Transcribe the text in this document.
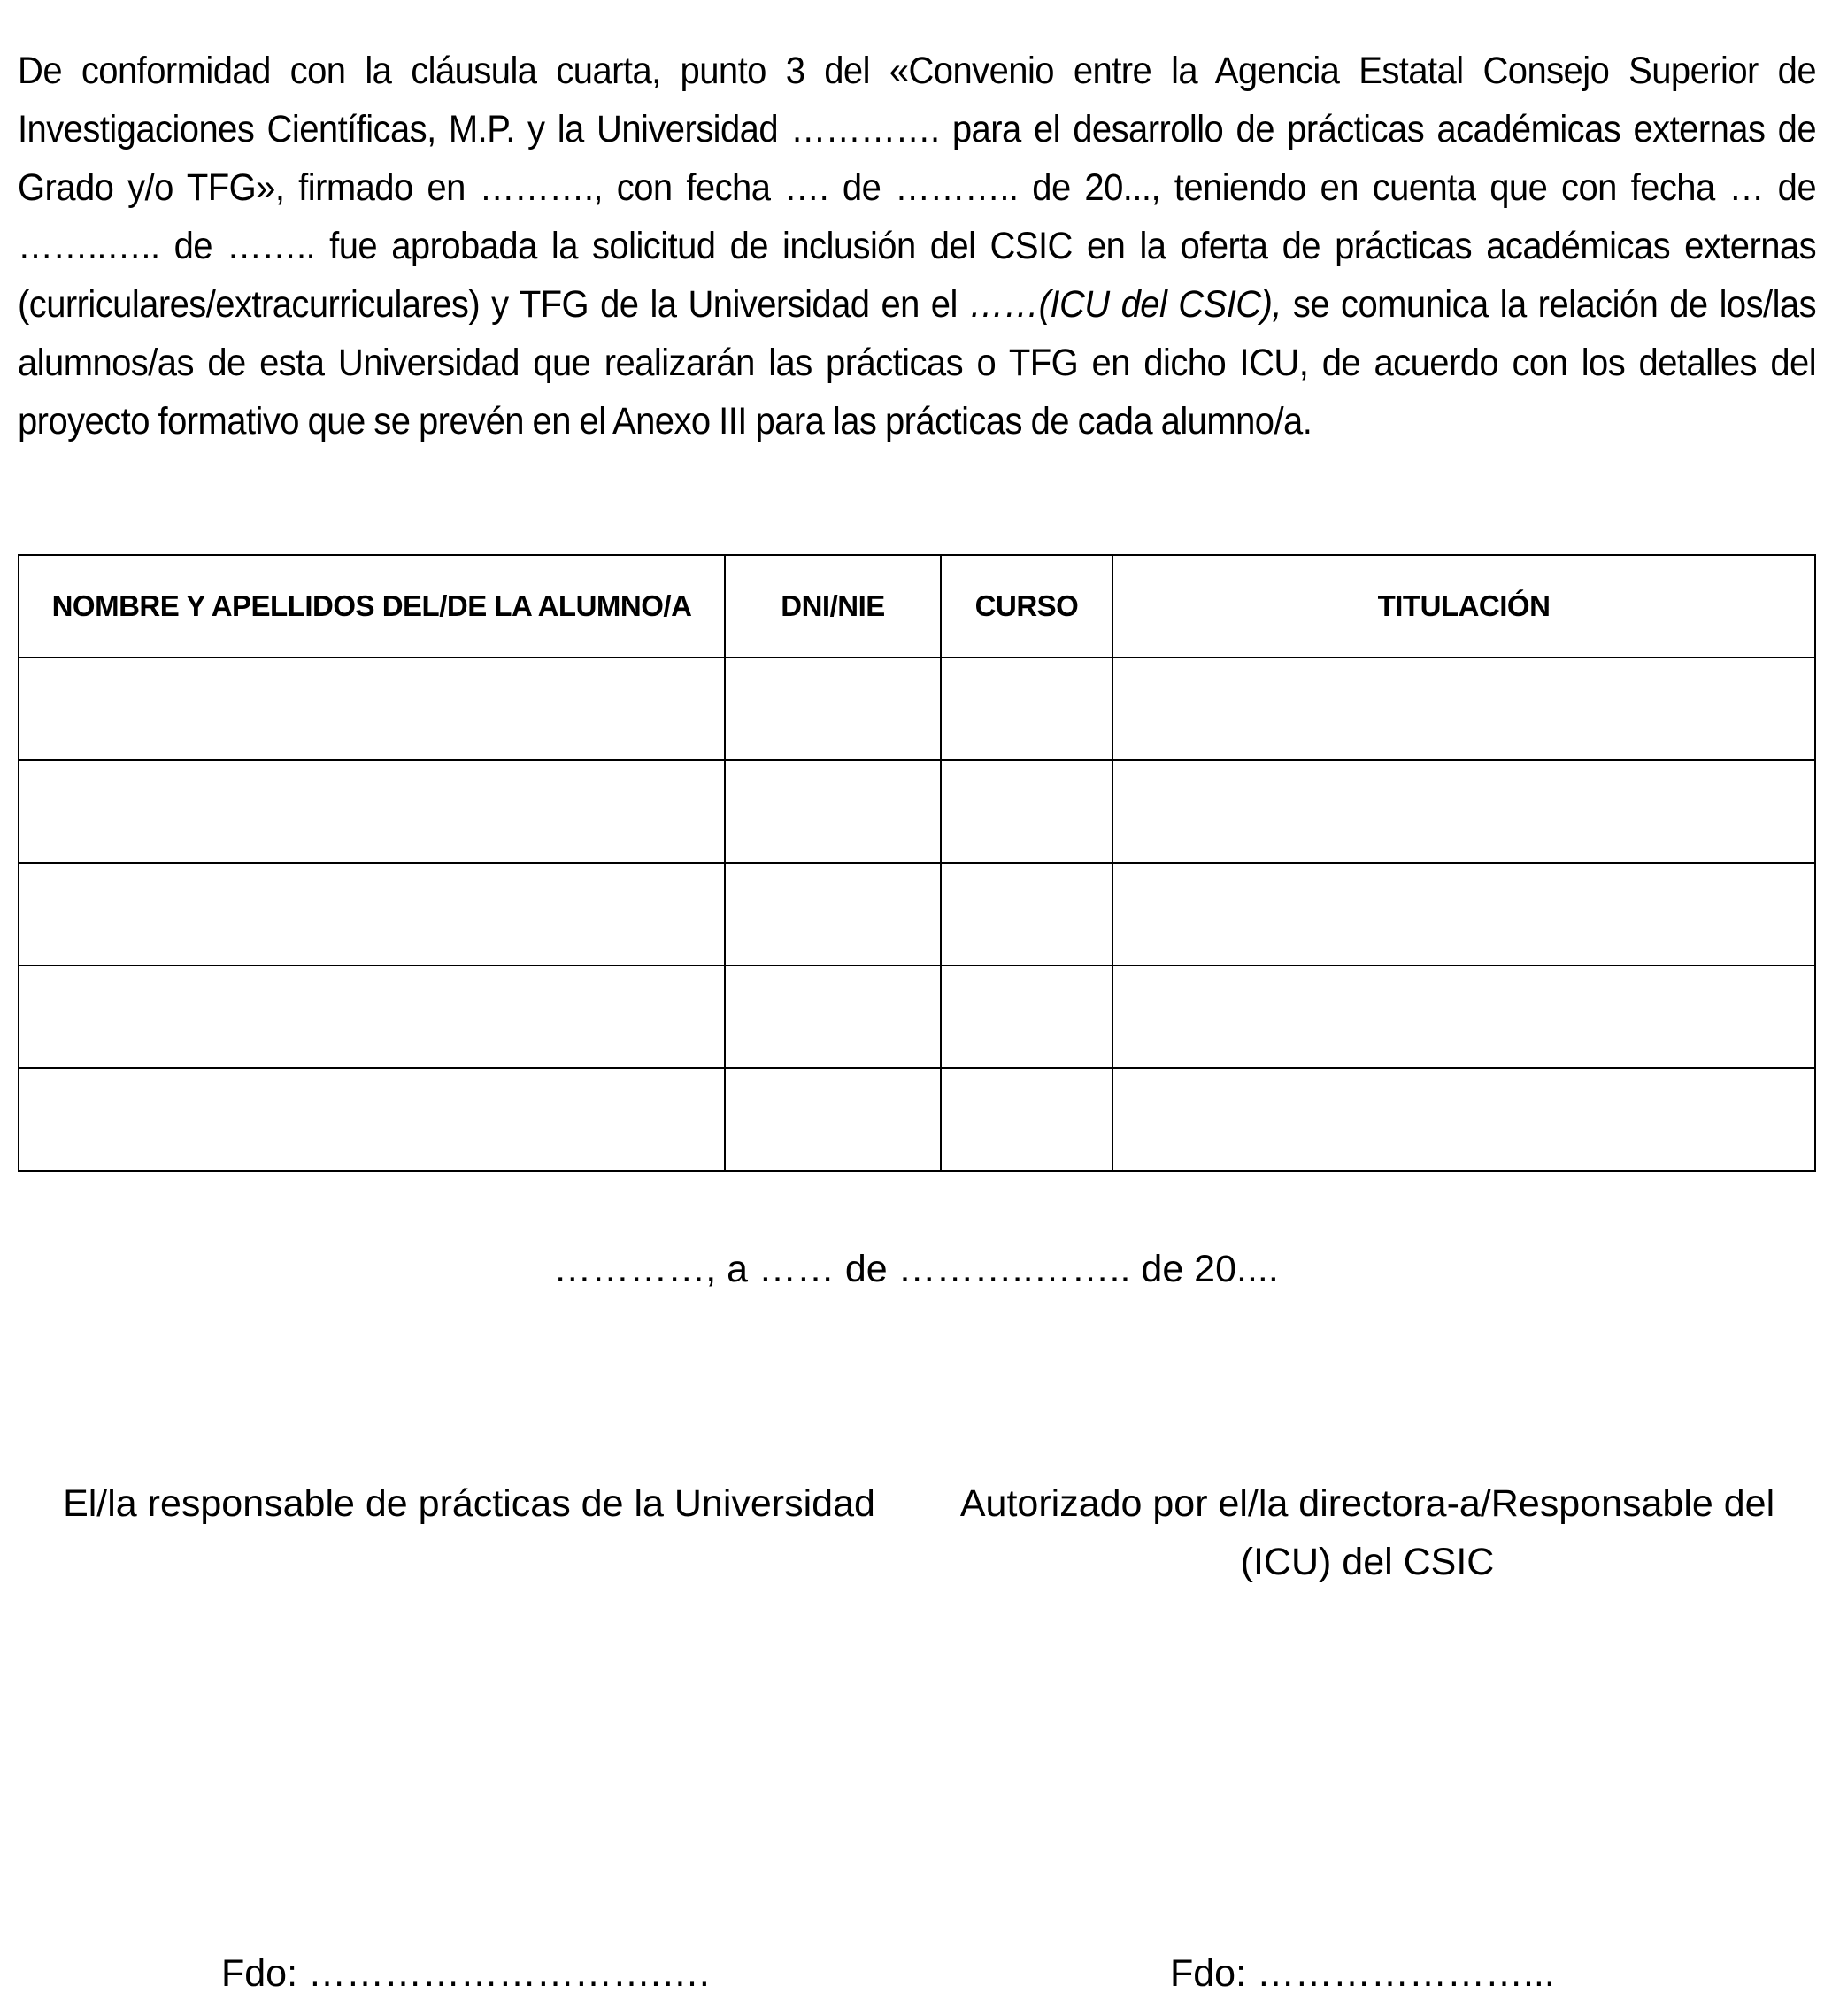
De conformidad con la cláusula cuarta, punto 3 del «Convenio entre la Agencia Estatal Consejo Superior de Investigaciones Científicas, M.P. y la Universidad …………. para el desarrollo de prácticas académicas externas de Grado y/o TFG», firmado en ………., con fecha …. de ……….. de 20..., teniendo en cuenta que con fecha … de ……..….. de …….. fue aprobada la solicitud de inclusión del CSIC en la oferta de prácticas académicas externas (curriculares/extracurriculares) y TFG de la Universidad en el ……(ICU del CSIC), se comunica la relación de los/las alumnos/as de esta Universidad que realizarán las prácticas o TFG en dicho ICU, de acuerdo con los detalles del proyecto formativo que se prevén en el Anexo III para las prácticas de cada alumno/a.

NOMBRE Y APELLIDOS DEL/DE LA ALUMNO/A	DNI/NIE	CURSO	TITULACIÓN

…………, a …… de ………..…….. de 20....
El/la responsable de prácticas de la Universidad Autorizado por el/la directora-a/Responsable del
(ICU) del CSIC
Fdo: ……………………….….	Fdo: …………………...
